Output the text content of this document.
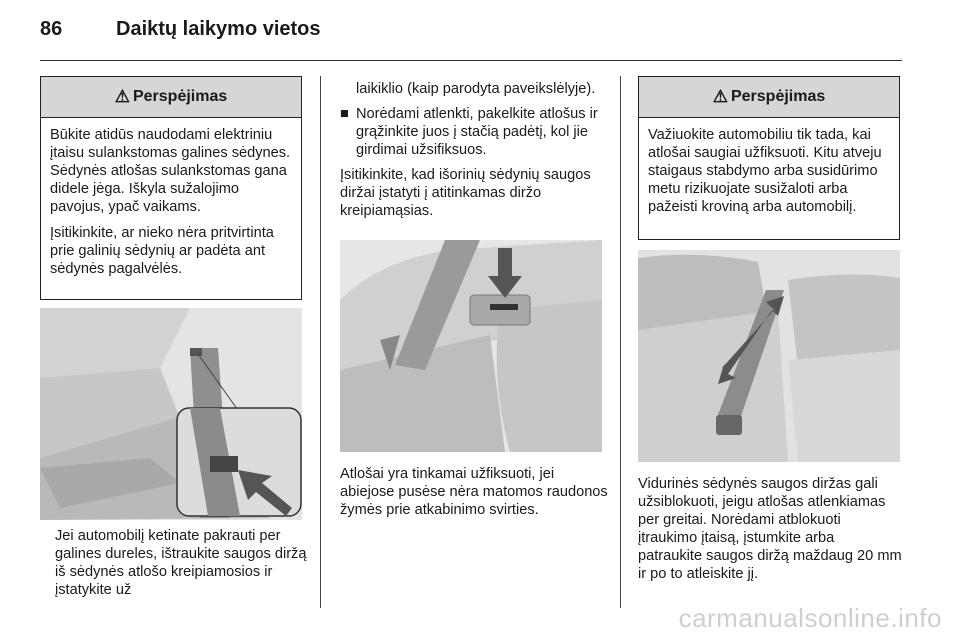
86	Daiktų laikymo vietos
⚠ Perspėjimas

Būkite atidūs naudodami elektriniu įtaisu sulankstomas galines sėdynes. Sėdynės atlošas sulankstomas gana didele jėga. Iškyla sužalojimo pavojus, ypač vaikams.

Įsitikinkite, ar nieko nėra pritvirtinta prie galinių sėdynių ar padėta ant sėdynės pagalvėlės.

Jei automobilį ketinate pakrauti per galines dureles, ištraukite saugos diržą iš sėdynės atlošo kreipiamosios ir įstatykite už

laikiklio (kaip parodyta paveikslėlyje).

■ Norėdami atlenkti, pakelkite atlošus ir grąžinkite juos į stačią padėtį, kol jie girdimai užsifiksuos.

Įsitikinkite, kad išorinių sėdynių saugos diržai įstatyti į atitinkamas diržo kreipiamąsias.

Atlošai yra tinkamai užfiksuoti, jei abiejose pusėse nėra matomos raudonos žymės prie atkabinimo svirties.
⚠ Perspėjimas

Važiuokite automobiliu tik tada, kai atlošai saugiai užfiksuoti. Kitu atveju staigaus stabdymo arba susidūrimo metu rizikuojate susižaloti arba pažeisti kroviną arba automobilį.

Vidurinės sėdynės saugos diržas gali užsiblokuoti, jeigu atlošas atlenkiamas per greitai. Norėdami atblokuoti įtraukimo įtaisą, įstumkite arba patraukite saugos diržą maždaug 20 mm ir po to atleiskite jį.
carmanualsonline.info
